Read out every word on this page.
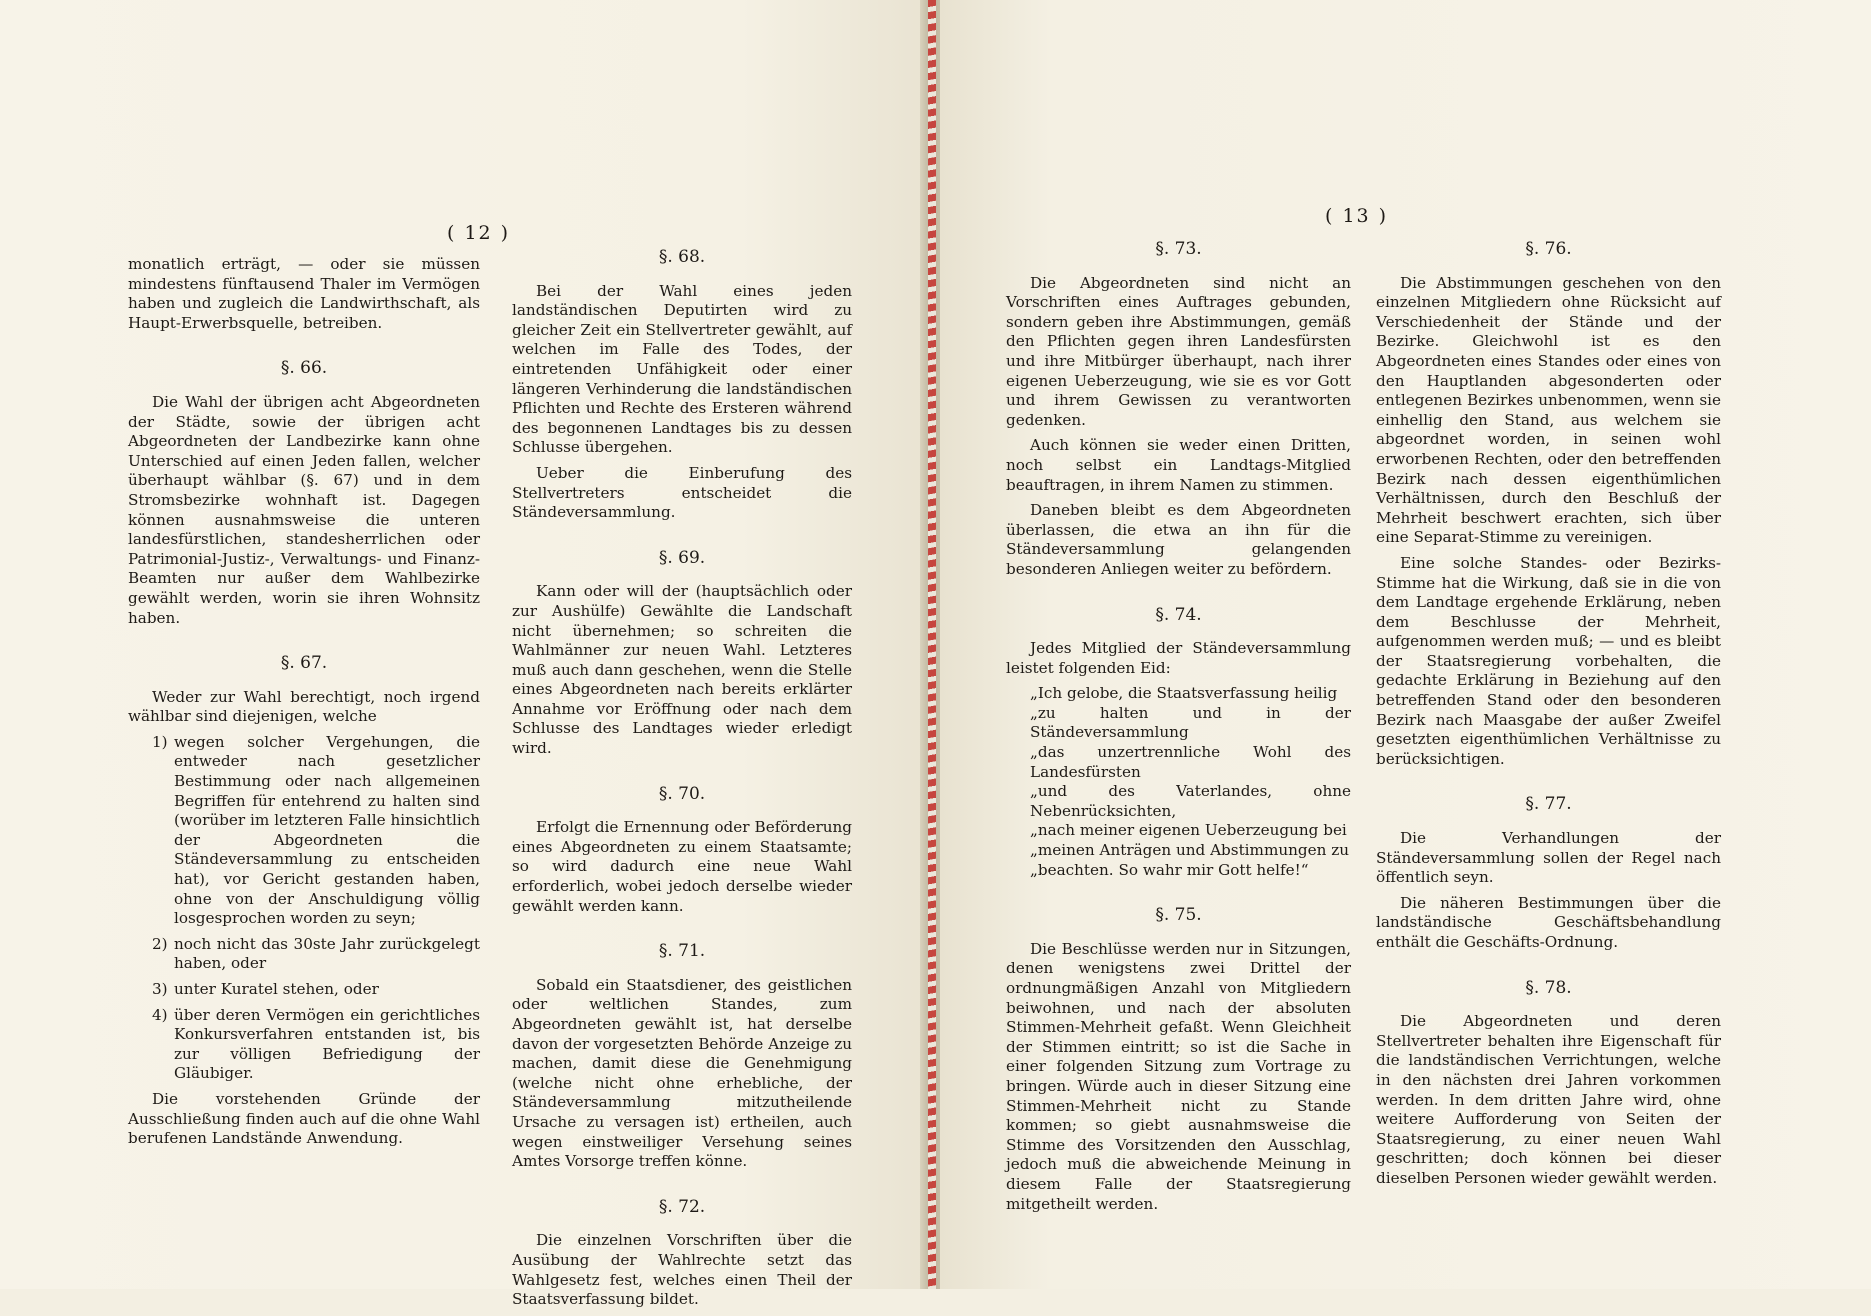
( 12 )

monatlich erträgt, — oder sie müssen mindestens fünftausend Thaler im Vermögen haben und zugleich die Landwirthschaft, als Haupt-Erwerbsquelle, betreiben.

§. 66.

Die Wahl der übrigen acht Abgeordneten der Städte, sowie der übrigen acht Abgeordneten der Landbezirke kann ohne Unterschied auf einen Jeden fallen, welcher überhaupt wählbar (§. 67) und in dem Stromsbezirke wohnhaft ist. Dagegen können ausnahmsweise die unteren landesfürstlichen, standesherrlichen oder Patrimonial-Justiz-, Verwaltungs- und Finanz-Beamten nur außer dem Wahlbezirke gewählt werden, worin sie ihren Wohnsitz haben.

§. 67.

Weder zur Wahl berechtigt, noch irgend wählbar sind diejenigen, welche

1) wegen solcher Vergehungen, die entweder nach gesetzlicher Bestimmung oder nach allgemeinen Begriffen für entehrend zu halten sind (worüber im letzteren Falle hinsichtlich der Abgeordneten die Ständeversammlung zu entscheiden hat), vor Gericht gestanden haben, ohne von der Anschuldigung völlig losgesprochen worden zu seyn;
2) noch nicht das 30ste Jahr zurückgelegt haben, oder
3) unter Kuratel stehen, oder
4) über deren Vermögen ein gerichtliches Konkursverfahren entstanden ist, bis zur völligen Befriedigung der Gläubiger.

Die vorstehenden Gründe der Ausschließung finden auch auf die ohne Wahl berufenen Landstände Anwendung.

§. 68.

Bei der Wahl eines jeden landständischen Deputirten wird zu gleicher Zeit ein Stellvertreter gewählt, auf welchen im Falle des Todes, der eintretenden Unfähigkeit oder einer längeren Verhinderung die landständischen Pflichten und Rechte des Ersteren während des begonnenen Landtages bis zu dessen Schlusse übergehen.

Ueber die Einberufung des Stellvertreters entscheidet die Ständeversammlung.

§. 69.

Kann oder will der (hauptsächlich oder zur Aushülfe) Gewählte die Landschaft nicht übernehmen; so schreiten die Wahlmänner zur neuen Wahl. Letzteres muß auch dann geschehen, wenn die Stelle eines Abgeordneten nach bereits erklärter Annahme vor Eröffnung oder nach dem Schlusse des Landtages wieder erledigt wird.

§. 70.

Erfolgt die Ernennung oder Beförderung eines Abgeordneten zu einem Staatsamte; so wird dadurch eine neue Wahl erforderlich, wobei jedoch derselbe wieder gewählt werden kann.

§. 71.

Sobald ein Staatsdiener, des geistlichen oder weltlichen Standes, zum Abgeordneten gewählt ist, hat derselbe davon der vorgesetzten Behörde Anzeige zu machen, damit diese die Genehmigung (welche nicht ohne erhebliche, der Ständeversammlung mitzutheilende Ursache zu versagen ist) ertheilen, auch wegen einstweiliger Versehung seines Amtes Vorsorge treffen könne.

§. 72.

Die einzelnen Vorschriften über die Ausübung der Wahlrechte setzt das Wahlgesetz fest, welches einen Theil der Staatsverfassung bildet.

( 13 )
§. 73.

Die Abgeordneten sind nicht an Vorschriften eines Auftrages gebunden, sondern geben ihre Abstimmungen, gemäß den Pflichten gegen ihren Landesfürsten und ihre Mitbürger überhaupt, nach ihrer eigenen Ueberzeugung, wie sie es vor Gott und ihrem Gewissen zu verantworten gedenken.

Auch können sie weder einen Dritten, noch selbst ein Landtags-Mitglied beauftragen, in ihrem Namen zu stimmen.

Daneben bleibt es dem Abgeordneten überlassen, die etwa an ihn für die Ständeversammlung gelangenden besonderen Anliegen weiter zu befördern.

§. 74.

Jedes Mitglied der Ständeversammlung leistet folgenden Eid:

„Ich gelobe, die Staatsverfassung heilig
„zu halten und in der Ständeversammlung
„das unzertrennliche Wohl des Landesfürsten
„und des Vaterlandes, ohne Nebenrücksichten,
„nach meiner eigenen Ueberzeugung bei
„meinen Anträgen und Abstimmungen zu
„beachten. So wahr mir Gott helfe!“
§. 75.

Die Beschlüsse werden nur in Sitzungen, denen wenigstens zwei Drittel der ordnungmäßigen Anzahl von Mitgliedern beiwohnen, und nach der absoluten Stimmen-Mehrheit gefaßt. Wenn Gleichheit der Stimmen eintritt; so ist die Sache in einer folgenden Sitzung zum Vortrage zu bringen. Würde auch in dieser Sitzung eine Stimmen-Mehrheit nicht zu Stande kommen; so giebt ausnahmsweise die Stimme des Vorsitzenden den Ausschlag, jedoch muß die abweichende Meinung in diesem Falle der Staatsregierung mitgetheilt werden.

§. 76.

Die Abstimmungen geschehen von den einzelnen Mitgliedern ohne Rücksicht auf Verschiedenheit der Stände und der Bezirke. Gleichwohl ist es den Abgeordneten eines Standes oder eines von den Hauptlanden abgesonderten oder entlegenen Bezirkes unbenommen, wenn sie einhellig den Stand, aus welchem sie abgeordnet worden, in seinen wohl erworbenen Rechten, oder den betreffenden Bezirk nach dessen eigenthümlichen Verhältnissen, durch den Beschluß der Mehrheit beschwert erachten, sich über eine Separat-Stimme zu vereinigen.

Eine solche Standes- oder Bezirks-Stimme hat die Wirkung, daß sie in die von dem Landtage ergehende Erklärung, neben dem Beschlusse der Mehrheit, aufgenommen werden muß; — und es bleibt der Staatsregierung vorbehalten, die gedachte Erklärung in Beziehung auf den betreffenden Stand oder den besonderen Bezirk nach Maasgabe der außer Zweifel gesetzten eigenthümlichen Verhältnisse zu berücksichtigen.

§. 77.

Die Verhandlungen der Ständeversammlung sollen der Regel nach öffentlich seyn.

Die näheren Bestimmungen über die landständische Geschäftsbehandlung enthält die Geschäfts-Ordnung.

§. 78.

Die Abgeordneten und deren Stellvertreter behalten ihre Eigenschaft für die landständischen Verrichtungen, welche in den nächsten drei Jahren vorkommen werden. In dem dritten Jahre wird, ohne weitere Aufforderung von Seiten der Staatsregierung, zu einer neuen Wahl geschritten; doch können bei dieser dieselben Personen wieder gewählt werden.
